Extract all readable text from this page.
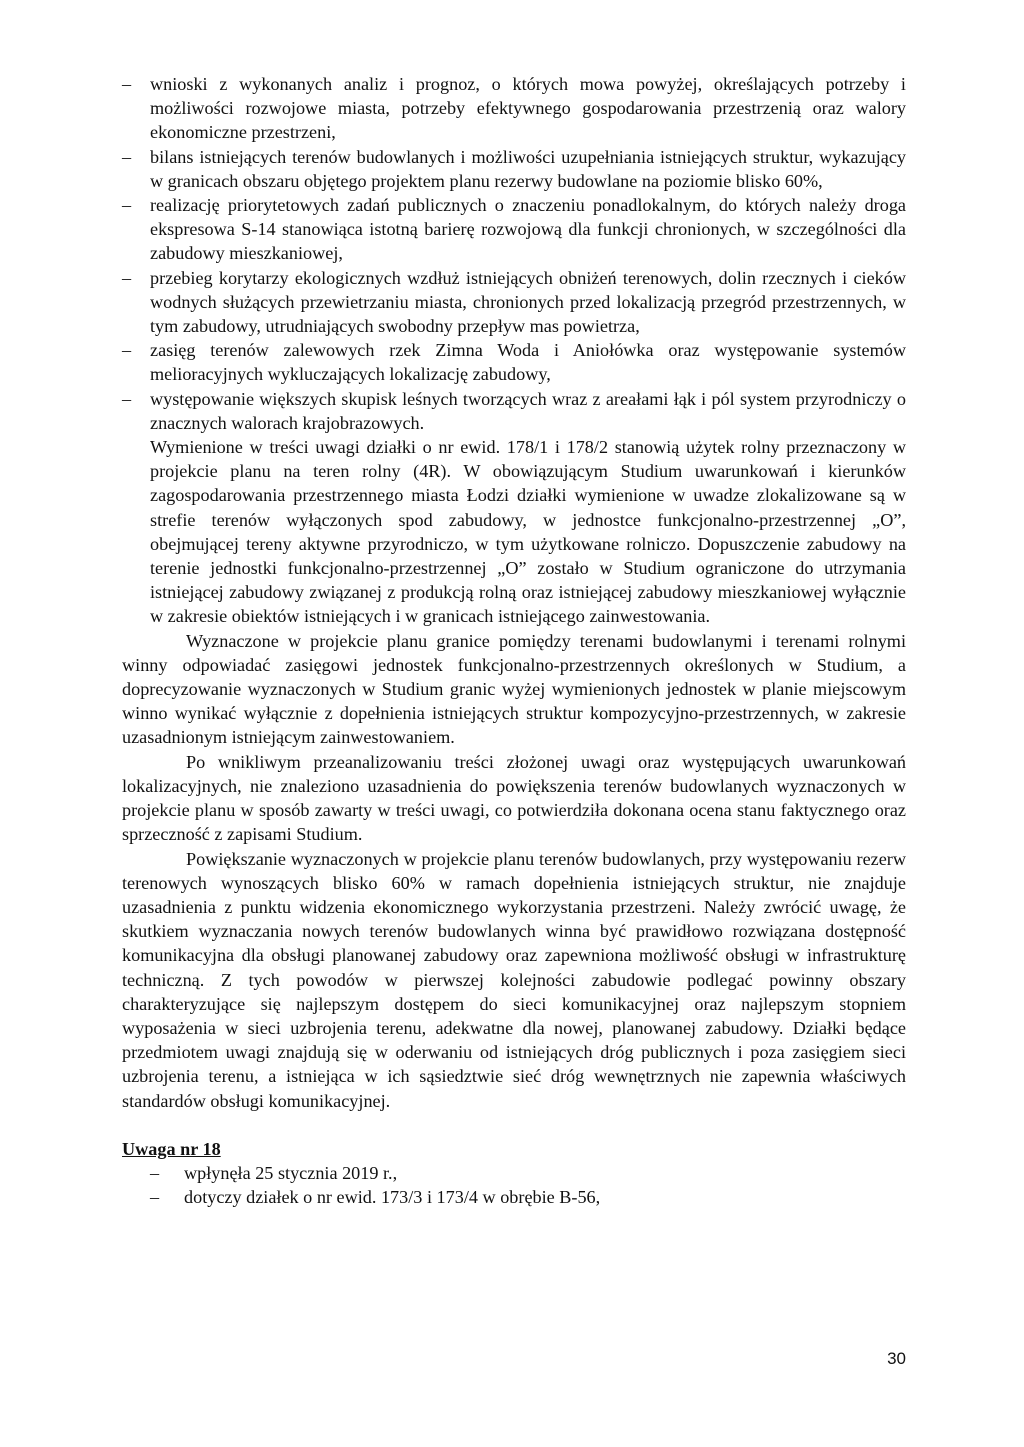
– wnioski z wykonanych analiz i prognoz, o których mowa powyżej, określających potrzeby i możliwości rozwojowe miasta, potrzeby efektywnego gospodarowania przestrzenią oraz walory ekonomiczne przestrzeni,
– bilans istniejących terenów budowlanych i możliwości uzupełniania istniejących struktur, wykazujący w granicach obszaru objętego projektem planu rezerwy budowlane na poziomie blisko 60%,
– realizację priorytetowych zadań publicznych o znaczeniu ponadlokalnym, do których należy droga ekspresowa S-14 stanowiąca istotną barierę rozwojową dla funkcji chronionych, w szczególności dla zabudowy mieszkaniowej,
– przebieg korytarzy ekologicznych wzdłuż istniejących obniżeń terenowych, dolin rzecznych i cieków wodnych służących przewietrzaniu miasta, chronionych przed lokalizacją przegród przestrzennych, w tym zabudowy, utrudniających swobodny przepływ mas powietrza,
– zasięg terenów zalewowych rzek Zimna Woda i Aniołówka oraz występowanie systemów melioracyjnych wykluczających lokalizację zabudowy,
– występowanie większych skupisk leśnych tworzących wraz z areałami łąk i pól system przyrodniczy o znacznych walorach krajobrazowych.

Wymienione w treści uwagi działki o nr ewid. 178/1 i 178/2 stanowią użytek rolny przeznaczony w projekcie planu na teren rolny (4R). W obowiązującym Studium uwarunkowań i kierunków zagospodarowania przestrzennego miasta Łodzi działki wymienione w uwadze zlokalizowane są w strefie terenów wyłączonych spod zabudowy, w jednostce funkcjonalno-przestrzennej „O”, obejmującej tereny aktywne przyrodniczo, w tym użytkowane rolniczo. Dopuszczenie zabudowy na terenie jednostki funkcjonalno-przestrzennej „O” zostało w Studium ograniczone do utrzymania istniejącej zabudowy związanej z produkcją rolną oraz istniejącej zabudowy mieszkaniowej wyłącznie w zakresie obiektów istniejących i w granicach istniejącego zainwestowania.

Wyznaczone w projekcie planu granice pomiędzy terenami budowlanymi i terenami rolnymi winny odpowiadać zasięgowi jednostek funkcjonalno-przestrzennych określonych w Studium, a doprecyzowanie wyznaczonych w Studium granic wyżej wymienionych jednostek w planie miejscowym winno wynikać wyłącznie z dopełnienia istniejących struktur kompozycyjno-przestrzennych, w zakresie uzasadnionym istniejącym zainwestowaniem.

Po wnikliwym przeanalizowaniu treści złożonej uwagi oraz występujących uwarunkowań lokalizacyjnych, nie znaleziono uzasadnienia do powiększenia terenów budowlanych wyznaczonych w projekcie planu w sposób zawarty w treści uwagi, co potwierdziła dokonana ocena stanu faktycznego oraz sprzeczność z zapisami Studium.

Powiększanie wyznaczonych w projekcie planu terenów budowlanych, przy występowaniu rezerw terenowych wynoszących blisko 60% w ramach dopełnienia istniejących struktur, nie znajduje uzasadnienia z punktu widzenia ekonomicznego wykorzystania przestrzeni. Należy zwrócić uwagę, że skutkiem wyznaczania nowych terenów budowlanych winna być prawidłowo rozwiązana dostępność komunikacyjna dla obsługi planowanej zabudowy oraz zapewniona możliwość obsługi w infrastrukturę techniczną. Z tych powodów w pierwszej kolejności zabudowie podlegać powinny obszary charakteryzujące się najlepszym dostępem do sieci komunikacyjnej oraz najlepszym stopniem wyposażenia w sieci uzbrojenia terenu, adekwatne dla nowej, planowanej zabudowy. Działki będące przedmiotem uwagi znajdują się w oderwaniu od istniejących dróg publicznych i poza zasięgiem sieci uzbrojenia terenu, a istniejąca w ich sąsiedztwie sieć dróg wewnętrznych nie zapewnia właściwych standardów obsługi komunikacyjnej.

Uwaga nr 18

– wpłynęła 25 stycznia 2019 r.,
– dotyczy działek o nr ewid. 173/3 i 173/4 w obrębie B-56,
30
